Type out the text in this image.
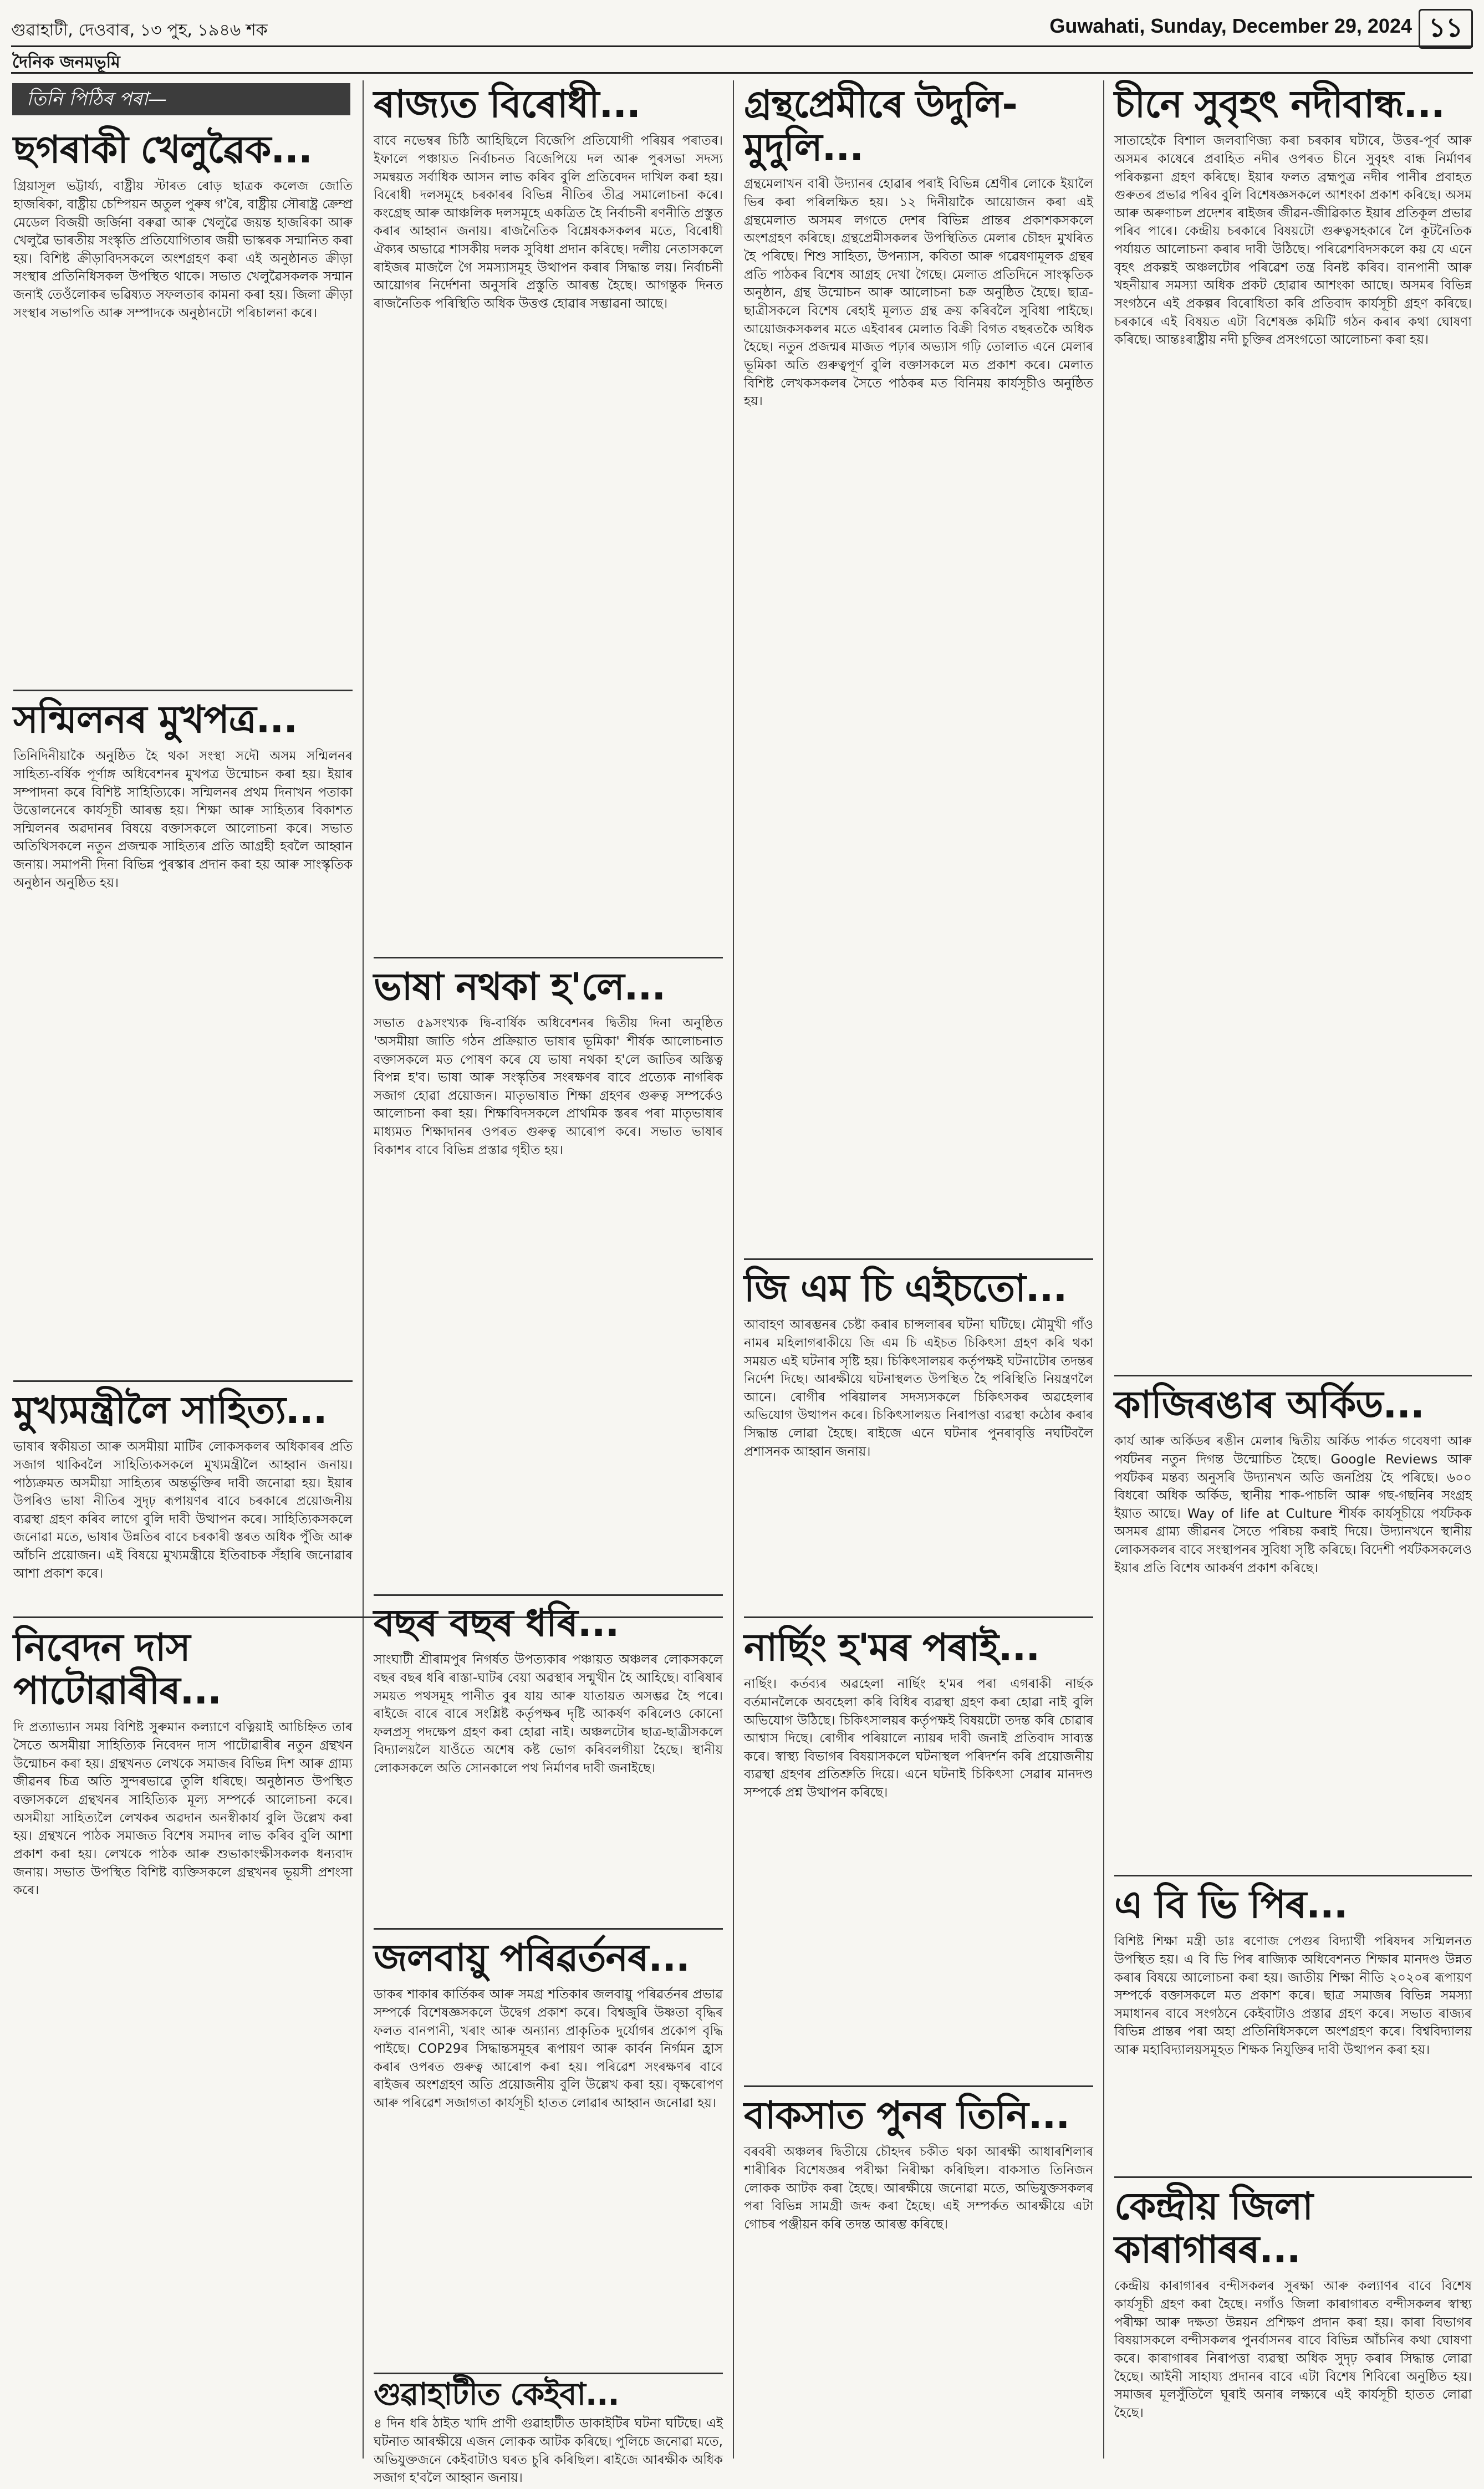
গুৱাহাটী, দেওবাৰ, ১৩ পুহ, ১৯৪৬ শক	Guwahati, Sunday, December 29, 2024 ১১
দৈনিক জনমভূমি
তিনি পিঠিৰ পৰা—
ছগৰাকী খেলুৱৈক...

গ্ৰিয়াসূল ভট্টাৰ্য্য, বাষ্ট্ৰীয় স্টাৰত ৰোড় ছাত্ৰক কলেজ জোতি হাজৰিকা, বাষ্ট্ৰীয় চেম্পিয়ন অতুল পুৰুষ গ'ৰৈ, বাষ্ট্ৰীয় সৌৰাষ্ট্ৰ ক্ৰেম্প্ৰ মেডেল বিজয়ী জৰ্জিনা বৰুৱা আৰু খেলুৱৈ জয়ন্ত হাজৰিকা আৰু খেলুৱৈ ভাৰতীয় সংস্কৃতি প্ৰতিযোগিতাৰ জয়ী ভাস্কৰক সন্মানিত কৰা হয়। বিশিষ্ট ক্ৰীড়াবিদসকলে অংশগ্ৰহণ কৰা এই অনুষ্ঠানত ক্ৰীড়া সংস্থাৰ প্ৰতিনিধিসকল উপস্থিত থাকে। সভাত খেলুৱৈসকলক সন্মান জনাই তেওঁলোকৰ ভৱিষ্যত সফলতাৰ কামনা কৰা হয়। জিলা ক্ৰীড়া সংস্থাৰ সভাপতি আৰু সম্পাদকে অনুষ্ঠানটো পৰিচালনা কৰে।

সন্মিলনৰ মুখপত্ৰ...

তিনিদিনীয়াকৈ অনুষ্ঠিত হৈ থকা সংস্থা সদৌ অসম সন্মিলনৰ সাহিত্য-বৰ্ষিক পূৰ্ণাঙ্গ অধিবেশনৰ মুখপত্ৰ উন্মোচন কৰা হয়। ইয়াৰ সম্পাদনা কৰে বিশিষ্ট সাহিত্যিকে। সন্মিলনৰ প্ৰথম দিনাখন পতাকা উত্তোলনেৰে কাৰ্যসূচী আৰম্ভ হয়। শিক্ষা আৰু সাহিত্যৰ বিকাশত সন্মিলনৰ অৱদানৰ বিষয়ে বক্তাসকলে আলোচনা কৰে। সভাত অতিথিসকলে নতুন প্ৰজন্মক সাহিত্যৰ প্ৰতি আগ্ৰহী হবলৈ আহ্বান জনায়। সমাপনী দিনা বিভিন্ন পুৰস্কাৰ প্ৰদান কৰা হয় আৰু সাংস্কৃতিক অনুষ্ঠান অনুষ্ঠিত হয়।

মুখ্যমন্ত্ৰীলৈ সাহিত্য...

ভাষাৰ স্বকীয়তা আৰু অসমীয়া মাটিৰ লোকসকলৰ অধিকাৰৰ প্ৰতি সজাগ থাকিবলৈ সাহিত্যিকসকলে মুখ্যমন্ত্ৰীলৈ আহ্বান জনায়। পাঠ্যক্ৰমত অসমীয়া সাহিত্যৰ অন্তৰ্ভুক্তিৰ দাবী জনোৱা হয়। ইয়াৰ উপৰিও ভাষা নীতিৰ সুদৃঢ় ৰূপায়ণৰ বাবে চৰকাৰে প্ৰয়োজনীয় ব্যৱস্থা গ্ৰহণ কৰিব লাগে বুলি দাবী উত্থাপন কৰে। সাহিত্যিকসকলে জনোৱা মতে, ভাষাৰ উন্নতিৰ বাবে চৰকাৰী স্তৰত অধিক পুঁজি আৰু আঁচনি প্ৰয়োজন। এই বিষয়ে মুখ্যমন্ত্ৰীয়ে ইতিবাচক সঁহাৰি জনোৱাৰ আশা প্ৰকাশ কৰে।

নিবেদন দাস পাটোৱাৰীৰ...

দি প্ৰত্যাভ্যান সময় বিশিষ্ট সুৰুমান কল্যাণে বত্নিয়াই আচিহ্নিত তাৰ সৈতে অসমীয়া সাহিত্যিক নিবেদন দাস পাটোৱাৰীৰ নতুন গ্ৰন্থখন উন্মোচন কৰা হয়। গ্ৰন্থখনত লেখকে সমাজৰ বিভিন্ন দিশ আৰু গ্ৰাম্য জীৱনৰ চিত্ৰ অতি সুন্দৰভাৱে তুলি ধৰিছে। অনুষ্ঠানত উপস্থিত বক্তাসকলে গ্ৰন্থখনৰ সাহিত্যিক মূল্য সম্পৰ্কে আলোচনা কৰে। অসমীয়া সাহিত্যলৈ লেখকৰ অৱদান অনস্বীকাৰ্য বুলি উল্লেখ কৰা হয়। গ্ৰন্থখনে পাঠক সমাজত বিশেষ সমাদৰ লাভ কৰিব বুলি আশা প্ৰকাশ কৰা হয়। লেখকে পাঠক আৰু শুভাকাংক্ষীসকলক ধন্যবাদ জনায়। সভাত উপস্থিত বিশিষ্ট ব্যক্তিসকলে গ্ৰন্থখনৰ ভূয়সী প্ৰশংসা কৰে।

ৰাজ্যত বিৰোধী...

বাবে নভেম্বৰ চিঠি আহিছিলে বিজেপি প্ৰতিযোগী পৰিয়ৰ পৰাতৰ। ইফালে পঞ্চায়ত নিৰ্বাচনত বিজেপিয়ে দল আৰু পুৰসভা সদস্য সমন্বয়ত সৰ্বাধিক আসন লাভ কৰিব বুলি প্ৰতিবেদন দাখিল কৰা হয়। বিৰোধী দলসমূহে চৰকাৰৰ বিভিন্ন নীতিৰ তীব্ৰ সমালোচনা কৰে। কংগ্ৰেছ আৰু আঞ্চলিক দলসমূহে একত্ৰিত হৈ নিৰ্বাচনী ৰণনীতি প্ৰস্তুত কৰাৰ আহ্বান জনায়। ৰাজনৈতিক বিশ্লেষকসকলৰ মতে, বিৰোধী ঐক্যৰ অভাৱে শাসকীয় দলক সুবিধা প্ৰদান কৰিছে। দলীয় নেতাসকলে ৰাইজৰ মাজলৈ গৈ সমস্যাসমূহ উত্থাপন কৰাৰ সিদ্ধান্ত লয়। নিৰ্বাচনী আয়োগৰ নিৰ্দেশনা অনুসৰি প্ৰস্তুতি আৰম্ভ হৈছে। আগন্তুক দিনত ৰাজনৈতিক পৰিস্থিতি অধিক উত্তপ্ত হোৱাৰ সম্ভাৱনা আছে।

ভাষা নথকা হ'লে...

সভাত ৫৯সংখ্যক দ্বি-বাৰ্ষিক অধিবেশনৰ দ্বিতীয় দিনা অনুষ্ঠিত 'অসমীয়া জাতি গঠন প্ৰক্ৰিয়াত ভাষাৰ ভূমিকা' শীৰ্ষক আলোচনাত বক্তাসকলে মত পোষণ কৰে যে ভাষা নথকা হ'লে জাতিৰ অস্তিত্ব বিপন্ন হ'ব। ভাষা আৰু সংস্কৃতিৰ সংৰক্ষণৰ বাবে প্ৰত্যেক নাগৰিক সজাগ হোৱা প্ৰয়োজন। মাতৃভাষাত শিক্ষা গ্ৰহণৰ গুৰুত্ব সম্পৰ্কেও আলোচনা কৰা হয়। শিক্ষাবিদসকলে প্ৰাথমিক স্তৰৰ পৰা মাতৃভাষাৰ মাধ্যমত শিক্ষাদানৰ ওপৰত গুৰুত্ব আৰোপ কৰে। সভাত ভাষাৰ বিকাশৰ বাবে বিভিন্ন প্ৰস্তাৱ গৃহীত হয়।

বছৰ বছৰ ধৰি...

সাংঘাটী শ্ৰীৰামপুৰ নিগৰ্ষত উপত্যকাৰ পঞ্চায়ত অঞ্চলৰ লোকসকলে বছৰ বছৰ ধৰি ৰাস্তা-ঘাটৰ বেয়া অৱস্থাৰ সন্মুখীন হৈ আহিছে। বাৰিষাৰ সময়ত পথসমূহ পানীত বুৰ যায় আৰু যাতায়ত অসম্ভৱ হৈ পৰে। ৰাইজে বাৰে বাৰে সংশ্লিষ্ট কৰ্তৃপক্ষৰ দৃষ্টি আকৰ্ষণ কৰিলেও কোনো ফলপ্ৰসূ পদক্ষেপ গ্ৰহণ কৰা হোৱা নাই। অঞ্চলটোৰ ছাত্ৰ-ছাত্ৰীসকলে বিদ্যালয়লৈ যাওঁতে অশেষ কষ্ট ভোগ কৰিবলগীয়া হৈছে। স্থানীয় লোকসকলে অতি সোনকালে পথ নিৰ্মাণৰ দাবী জনাইছে।

জলবায়ু পৰিৱৰ্তনৰ...

ডাকৰ শাকাৰ কাৰ্তিকৰ আৰু সমগ্ৰ শতিকাৰ জলবায়ু পৰিৱৰ্তনৰ প্ৰভাৱ সম্পৰ্কে বিশেষজ্ঞসকলে উদ্বেগ প্ৰকাশ কৰে। বিশ্বজুৰি উষ্ণতা বৃদ্ধিৰ ফলত বানপানী, খৰাং আৰু অন্যান্য প্ৰাকৃতিক দুৰ্যোগৰ প্ৰকোপ বৃদ্ধি পাইছে। COP29ৰ সিদ্ধান্তসমূহৰ ৰূপায়ণ আৰু কাৰ্বন নিৰ্গমন হ্ৰাস কৰাৰ ওপৰত গুৰুত্ব আৰোপ কৰা হয়। পৰিৱেশ সংৰক্ষণৰ বাবে ৰাইজৰ অংশগ্ৰহণ অতি প্ৰয়োজনীয় বুলি উল্লেখ কৰা হয়। বৃক্ষৰোপণ আৰু পৰিৱেশ সজাগতা কাৰ্যসূচী হাতত লোৱাৰ আহ্বান জনোৱা হয়।

গুৱাহাটীত কেইবা...

৪ দিন ধৰি ঠাইত খাদি প্ৰাণী গুৱাহাটীত ডাকাইটিৰ ঘটনা ঘটিছে। এই ঘটনাত আৰক্ষীয়ে এজন লোকক আটক কৰিছে। পুলিচে জনোৱা মতে, অভিযুক্তজনে কেইবাটাও ঘৰত চুৰি কৰিছিল। ৰাইজে আৰক্ষীক অধিক সজাগ হ'বলৈ আহ্বান জনায়।

গ্ৰন্থপ্ৰেমীৰে উদুলি-মুদুলি...

গ্ৰন্থমেলাখন বাৰী উদ্যানৰ হোৱাৰ পৰাই বিভিন্ন শ্ৰেণীৰ লোকে ইয়ালৈ ভিৰ কৰা পৰিলক্ষিত হয়। ১২ দিনীয়াকৈ আয়োজন কৰা এই গ্ৰন্থমেলাত অসমৰ লগতে দেশৰ বিভিন্ন প্ৰান্তৰ প্ৰকাশকসকলে অংশগ্ৰহণ কৰিছে। গ্ৰন্থপ্ৰেমীসকলৰ উপস্থিতিত মেলাৰ চৌহদ মুখৰিত হৈ পৰিছে। শিশু সাহিত্য, উপন্যাস, কবিতা আৰু গৱেষণামূলক গ্ৰন্থৰ প্ৰতি পাঠকৰ বিশেষ আগ্ৰহ দেখা গৈছে। মেলাত প্ৰতিদিনে সাংস্কৃতিক অনুষ্ঠান, গ্ৰন্থ উন্মোচন আৰু আলোচনা চক্ৰ অনুষ্ঠিত হৈছে। ছাত্ৰ-ছাত্ৰীসকলে বিশেষ ৰেহাই মূল্যত গ্ৰন্থ ক্ৰয় কৰিবলৈ সুবিধা পাইছে। আয়োজকসকলৰ মতে এইবাৰৰ মেলাত বিক্ৰী বিগত বছৰতকৈ অধিক হৈছে। নতুন প্ৰজন্মৰ মাজত পঢ়াৰ অভ্যাস গঢ়ি তোলাত এনে মেলাৰ ভূমিকা অতি গুৰুত্বপূৰ্ণ বুলি বক্তাসকলে মত প্ৰকাশ কৰে। মেলাত বিশিষ্ট লেখকসকলৰ সৈতে পাঠকৰ মত বিনিময় কাৰ্যসূচীও অনুষ্ঠিত হয়।

জি এম চি এইচতো...

আবাহণ আৰম্ভনৰ চেষ্টা কৰাৰ চান্সলাৰৰ ঘটনা ঘটিছে। মৌমুখী গাঁও নামৰ মহিলাগৰাকীয়ে জি এম চি এইচত চিকিৎসা গ্ৰহণ কৰি থকা সময়ত এই ঘটনাৰ সৃষ্টি হয়। চিকিৎসালয়ৰ কৰ্তৃপক্ষই ঘটনাটোৰ তদন্তৰ নিৰ্দেশ দিছে। আৰক্ষীয়ে ঘটনাস্থলত উপস্থিত হৈ পৰিস্থিতি নিয়ন্ত্ৰণলৈ আনে। ৰোগীৰ পৰিয়ালৰ সদস্যসকলে চিকিৎসকৰ অৱহেলাৰ অভিযোগ উত্থাপন কৰে। চিকিৎসালয়ত নিৰাপত্তা ব্যৱস্থা কঠোৰ কৰাৰ সিদ্ধান্ত লোৱা হৈছে। ৰাইজে এনে ঘটনাৰ পুনৰাবৃত্তি নঘটিবলৈ প্ৰশাসনক আহ্বান জনায়।

নাৰ্ছিং হ'মৰ পৰাই...

নাৰ্ছিং। কৰ্তব্যৰ অৱহেলা নাৰ্ছিং হ'মৰ পৰা এগৰাকী নাৰ্ছক বৰ্তমানলৈকে অবহেলা কৰি বিধিৰ ব্যৱস্থা গ্ৰহণ কৰা হোৱা নাই বুলি অভিযোগ উঠিছে। চিকিৎসালয়ৰ কৰ্তৃপক্ষই বিষয়টো তদন্ত কৰি চোৱাৰ আশ্বাস দিছে। ৰোগীৰ পৰিয়ালে ন্যায়ৰ দাবী জনাই প্ৰতিবাদ সাব্যস্ত কৰে। স্বাস্থ্য বিভাগৰ বিষয়াসকলে ঘটনাস্থল পৰিদৰ্শন কৰি প্ৰয়োজনীয় ব্যৱস্থা গ্ৰহণৰ প্ৰতিশ্ৰুতি দিয়ে। এনে ঘটনাই চিকিৎসা সেৱাৰ মানদণ্ড সম্পৰ্কে প্ৰশ্ন উত্থাপন কৰিছে।

বাকসাত পুনৰ তিনি...

বৰবৰী অঞ্চলৰ দ্বিতীয়ে চৌহদৰ চকীত থকা আৰক্ষী আধাৰশিলাৰ শাৰীৰিক বিশেষজ্ঞৰ পৰীক্ষা নিৰীক্ষা কৰিছিল। বাকসাত তিনিজন লোকক আটক কৰা হৈছে। আৰক্ষীয়ে জনোৱা মতে, অভিযুক্তসকলৰ পৰা বিভিন্ন সামগ্ৰী জব্দ কৰা হৈছে। এই সম্পৰ্কত আৰক্ষীয়ে এটা গোচৰ পঞ্জীয়ন কৰি তদন্ত আৰম্ভ কৰিছে।

চীনে সুবৃহৎ নদীবান্ধ...

সাতাহেকৈ বিশাল জলবাণিজ্য কৰা চৰকাৰ ঘটাৰে, উত্তৰ-পূৰ্ব আৰু অসমৰ কাষেৰে প্ৰবাহিত নদীৰ ওপৰত চীনে সুবৃহৎ বান্ধ নিৰ্মাণৰ পৰিকল্পনা গ্ৰহণ কৰিছে। ইয়াৰ ফলত ব্ৰহ্মপুত্ৰ নদীৰ পানীৰ প্ৰবাহত গুৰুতৰ প্ৰভাৱ পৰিব বুলি বিশেষজ্ঞসকলে আশংকা প্ৰকাশ কৰিছে। অসম আৰু অৰুণাচল প্ৰদেশৰ ৰাইজৰ জীৱন-জীৱিকাত ইয়াৰ প্ৰতিকূল প্ৰভাৱ পৰিব পাৰে। কেন্দ্ৰীয় চৰকাৰে বিষয়টো গুৰুত্বসহকাৰে লৈ কূটনৈতিক পৰ্যায়ত আলোচনা কৰাৰ দাবী উঠিছে। পৰিৱেশবিদসকলে কয় যে এনে বৃহৎ প্ৰকল্পই অঞ্চলটোৰ পৰিৱেশ তন্ত্ৰ বিনষ্ট কৰিব। বানপানী আৰু খহনীয়াৰ সমস্যা অধিক প্ৰকট হোৱাৰ আশংকা আছে। অসমৰ বিভিন্ন সংগঠনে এই প্ৰকল্পৰ বিৰোধিতা কৰি প্ৰতিবাদ কাৰ্যসূচী গ্ৰহণ কৰিছে। চৰকাৰে এই বিষয়ত এটা বিশেষজ্ঞ কমিটি গঠন কৰাৰ কথা ঘোষণা কৰিছে। আন্তঃৰাষ্ট্ৰীয় নদী চুক্তিৰ প্ৰসংগতো আলোচনা কৰা হয়।

কাজিৰঙাৰ অৰ্কিড...

কাৰ্য আৰু অৰ্কিডৰ ৰঙীন মেলাৰ দ্বিতীয় অৰ্কিড পাৰ্কত গবেষণা আৰু পৰ্যটনৰ নতুন দিগন্ত উন্মোচিত হৈছে। Google Reviews আৰু পৰ্যটকৰ মন্তব্য অনুসৰি উদ্যানখন অতি জনপ্ৰিয় হৈ পৰিছে। ৬০০ বিধৰো অধিক অৰ্কিড, স্থানীয় শাক-পাচলি আৰু গছ-গছনিৰ সংগ্ৰহ ইয়াত আছে। Way of life at Culture শীৰ্ষক কাৰ্যসূচীয়ে পৰ্যটকক অসমৰ গ্ৰাম্য জীৱনৰ সৈতে পৰিচয় কৰাই দিয়ে। উদ্যানখনে স্থানীয় লোকসকলৰ বাবে সংস্থাপনৰ সুবিধা সৃষ্টি কৰিছে। বিদেশী পৰ্যটকসকলেও ইয়াৰ প্ৰতি বিশেষ আকৰ্ষণ প্ৰকাশ কৰিছে।

এ বি ভি পিৰ...

বিশিষ্ট শিক্ষা মন্ত্ৰী ডাঃ ৰণোজ পেগুৰ বিদ্যাৰ্থী পৰিষদৰ সন্মিলনত উপস্থিত হয়। এ বি ভি পিৰ ৰাজ্যিক অধিবেশনত শিক্ষাৰ মানদণ্ড উন্নত কৰাৰ বিষয়ে আলোচনা কৰা হয়। জাতীয় শিক্ষা নীতি ২০২০ৰ ৰূপায়ণ সম্পৰ্কে বক্তাসকলে মত প্ৰকাশ কৰে। ছাত্ৰ সমাজৰ বিভিন্ন সমস্যা সমাধানৰ বাবে সংগঠনে কেইবাটাও প্ৰস্তাৱ গ্ৰহণ কৰে। সভাত ৰাজ্যৰ বিভিন্ন প্ৰান্তৰ পৰা অহা প্ৰতিনিধিসকলে অংশগ্ৰহণ কৰে। বিশ্ববিদ্যালয় আৰু মহাবিদ্যালয়সমূহত শিক্ষক নিযুক্তিৰ দাবী উত্থাপন কৰা হয়।

কেন্দ্ৰীয় জিলা কাৰাগাৰৰ...

কেন্দ্ৰীয় কাৰাগাৰৰ বন্দীসকলৰ সুৰক্ষা আৰু কল্যাণৰ বাবে বিশেষ কাৰ্যসূচী গ্ৰহণ কৰা হৈছে। নগাঁও জিলা কাৰাগাৰত বন্দীসকলৰ স্বাস্থ্য পৰীক্ষা আৰু দক্ষতা উন্নয়ন প্ৰশিক্ষণ প্ৰদান কৰা হয়। কাৰা বিভাগৰ বিষয়াসকলে বন্দীসকলৰ পুনৰ্বাসনৰ বাবে বিভিন্ন আঁচনিৰ কথা ঘোষণা কৰে। কাৰাগাৰৰ নিৰাপত্তা ব্যৱস্থা অধিক সুদৃঢ় কৰাৰ সিদ্ধান্ত লোৱা হৈছে। আইনী সাহায্য প্ৰদানৰ বাবে এটা বিশেষ শিবিৰো অনুষ্ঠিত হয়। সমাজৰ মূলসুঁতিলৈ ঘূৰাই অনাৰ লক্ষ্যৰে এই কাৰ্যসূচী হাতত লোৱা হৈছে।
